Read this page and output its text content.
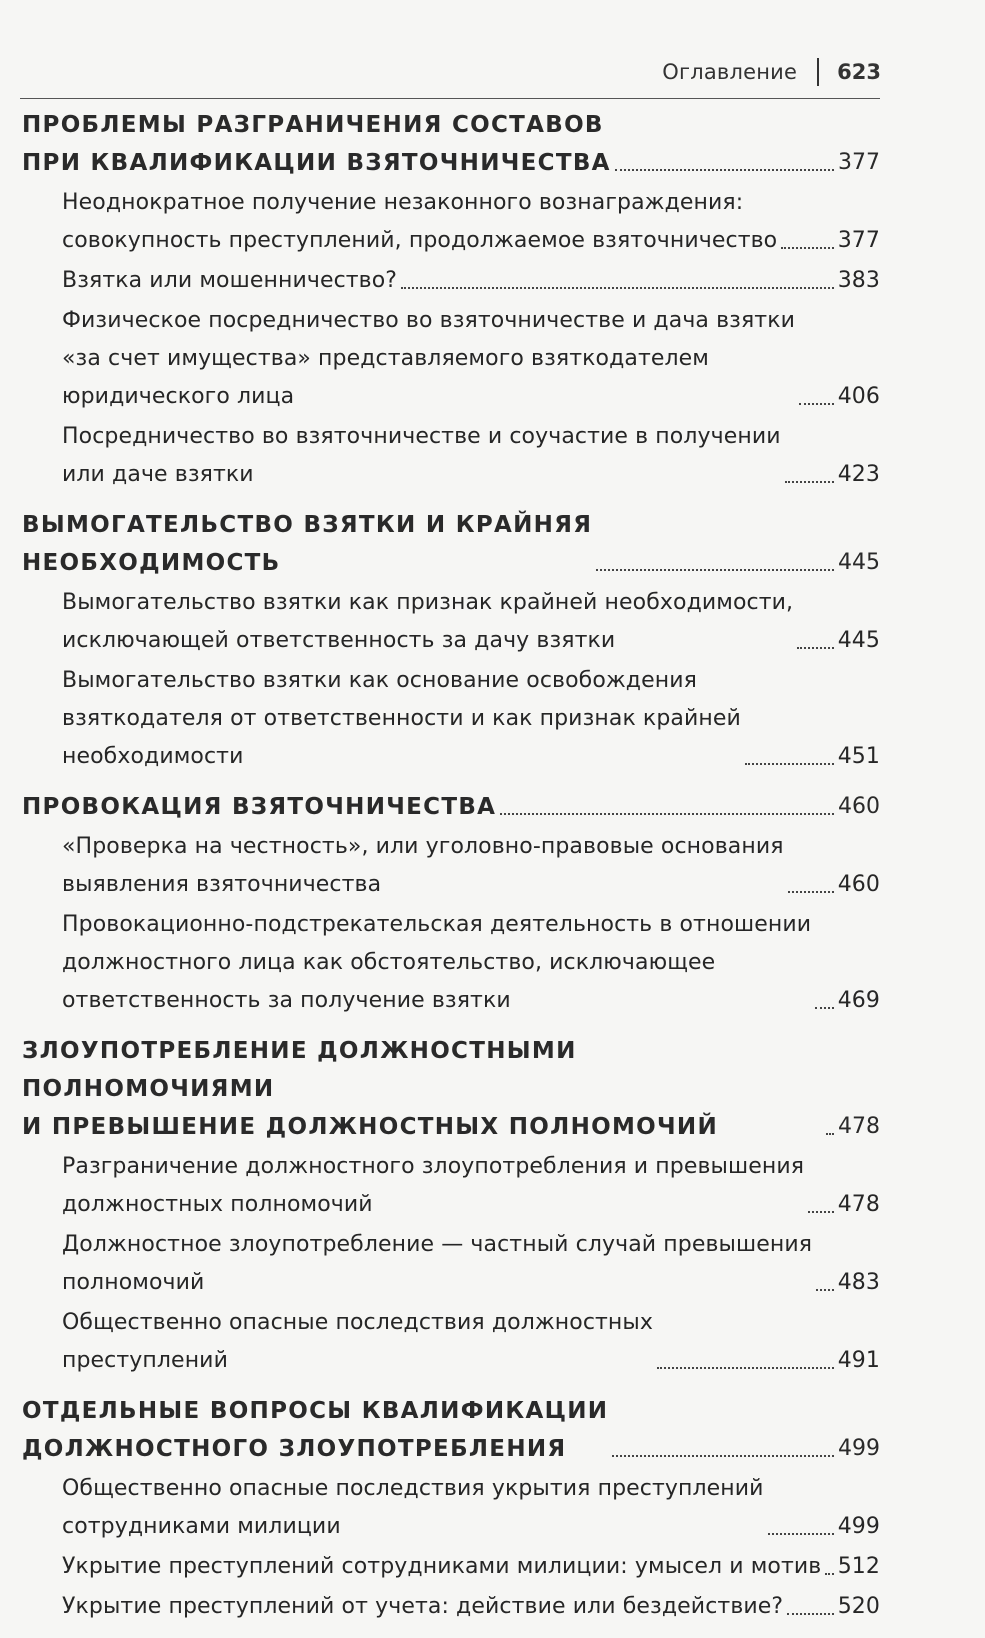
Оглавление 623
ПРОБЛЕМЫ РАЗГРАНИЧЕНИЯ СОСТАВОВ
ПРИ КВАЛИФИКАЦИИ ВЗЯТОЧНИЧЕСТВА	377
Неоднократное получение незаконного вознаграждения:
совокупность преступлений, продолжаемое взяточничество	377
Взятка или мошенничество?	383
Физическое посредничество во взяточничестве и дача взятки
«за счет имущества» представляемого взяткодателем
юридического лица	406
Посредничество во взяточничестве и соучастие в получении
или даче взятки	423
ВЫМОГАТЕЛЬСТВО ВЗЯТКИ И КРАЙНЯЯ
НЕОБХОДИМОСТЬ	445
Вымогательство взятки как признак крайней необходимости,
исключающей ответственность за дачу взятки	445
Вымогательство взятки как основание освобождения
взяткодателя от ответственности и как признак крайней
необходимости	451
ПРОВОКАЦИЯ ВЗЯТОЧНИЧЕСТВА	460
«Проверка на честность», или уголовно-правовые основания
выявления взяточничества	460
Провокационно-подстрекательская деятельность в отношении
должностного лица как обстоятельство, исключающее
ответственность за получение взятки	469
ЗЛОУПОТРЕБЛЕНИЕ ДОЛЖНОСТНЫМИ ПОЛНОМОЧИЯМИ
И ПРЕВЫШЕНИЕ ДОЛЖНОСТНЫХ ПОЛНОМОЧИЙ	478
Разграничение должностного злоупотребления и превышения
должностных полномочий	478
Должностное злоупотребление — частный случай превышения
полномочий	483
Общественно опасные последствия должностных
преступлений	491
ОТДЕЛЬНЫЕ ВОПРОСЫ КВАЛИФИКАЦИИ
ДОЛЖНОСТНОГО ЗЛОУПОТРЕБЛЕНИЯ	499
Общественно опасные последствия укрытия преступлений
сотрудниками милиции	499
Укрытие преступлений сотрудниками милиции: умысел и мотив 512
Укрытие преступлений от учета: действие или бездействие? 520
